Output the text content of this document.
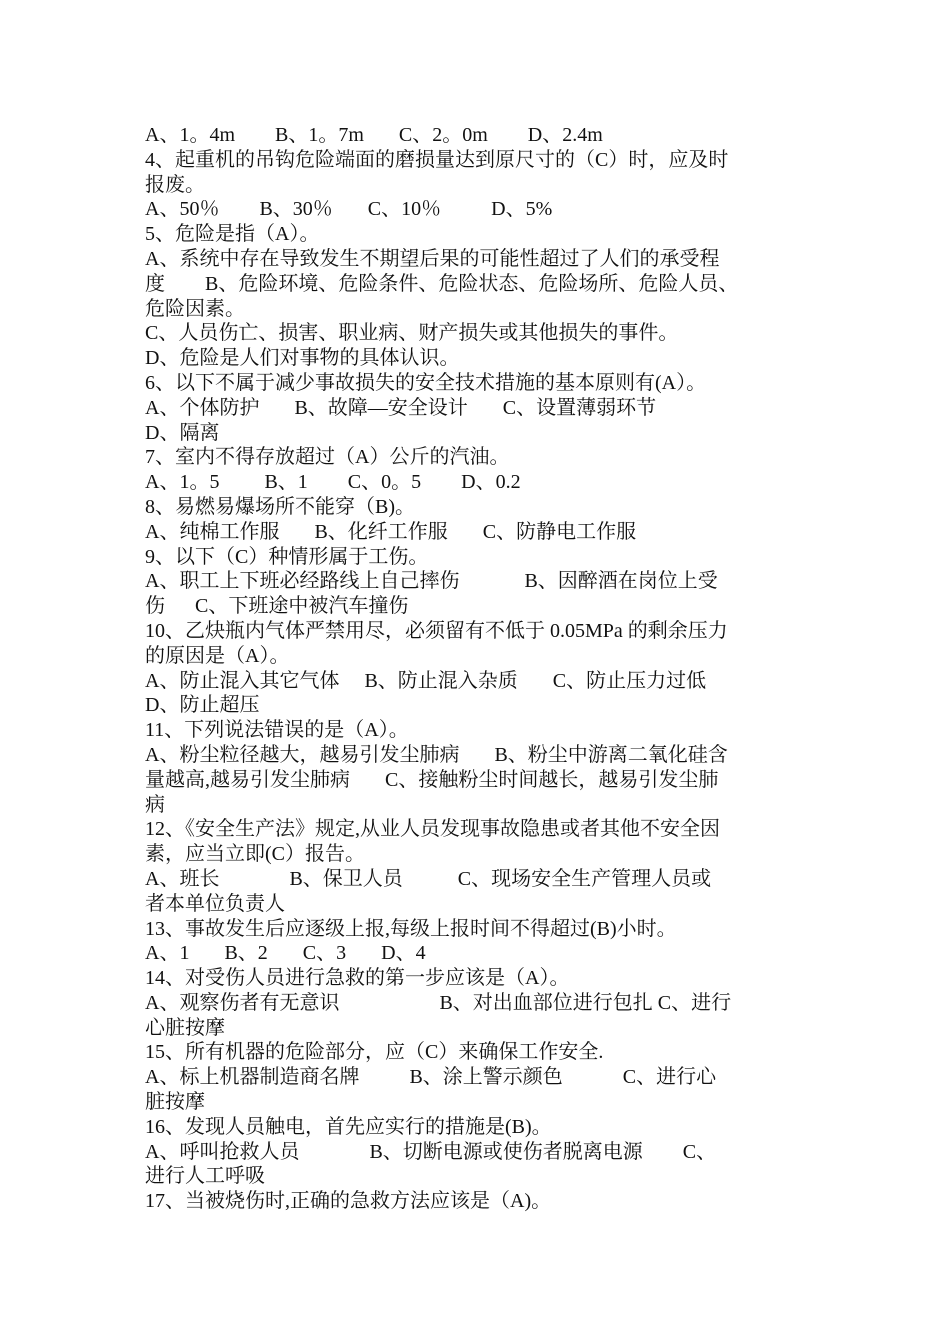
A、1。4m        B、1。7m       C、2。0m        D、2.4m
4、起重机的吊钩危险端面的磨损量达到原尺寸的（C）时，应及时
报废。
A、50％        B、30％       C、10％          D、5%
5、危险是指（A）。
A、系统中存在导致发生不期望后果的可能性超过了人们的承受程
度        B、危险环境、危险条件、危险状态、危险场所、危险人员、
危险因素。
C、人员伤亡、损害、职业病、财产损失或其他损失的事件。
D、危险是人们对事物的具体认识。
6、以下不属于减少事故损失的安全技术措施的基本原则有(A）。
A、个体防护       B、故障—安全设计       C、设置薄弱环节
D、隔离
7、室内不得存放超过（A）公斤的汽油。
A、1。5         B、1        C、0。5        D、0.2
8、易燃易爆场所不能穿（B)。
A、纯棉工作服       B、化纤工作服       C、防静电工作服
9、以下（C）种情形属于工伤。
A、职工上下班必经路线上自己摔伤             B、因醉酒在岗位上受
伤      C、下班途中被汽车撞伤
10、乙炔瓶内气体严禁用尽，必须留有不低于 0.05MPa 的剩余压力
的原因是（A）。
A、防止混入其它气体     B、防止混入杂质       C、防止压力过低
D、防止超压
11、下列说法错误的是（A）。
A、粉尘粒径越大，越易引发尘肺病       B、粉尘中游离二氧化硅含
量越高,越易引发尘肺病       C、接触粉尘时间越长，越易引发尘肺
病
12、《安全生产法》规定,从业人员发现事故隐患或者其他不安全因
素，应当立即(C）报告。
A、班长              B、保卫人员           C、现场安全生产管理人员或
者本单位负责人
13、事故发生后应逐级上报,每级上报时间不得超过(B)小时。
A、1       B、2       C、3       D、4
14、对受伤人员进行急救的第一步应该是（A）。
A、观察伤者有无意识                    B、对出血部位进行包扎 C、进行
心脏按摩
15、所有机器的危险部分，应（C）来确保工作安全.
A、标上机器制造商名牌          B、涂上警示颜色            C、进行心
脏按摩
16、发现人员触电，首先应实行的措施是(B)。
A、呼叫抢救人员              B、切断电源或使伤者脱离电源        C、
进行人工呼吸
17、当被烧伤时,正确的急救方法应该是（A)。
